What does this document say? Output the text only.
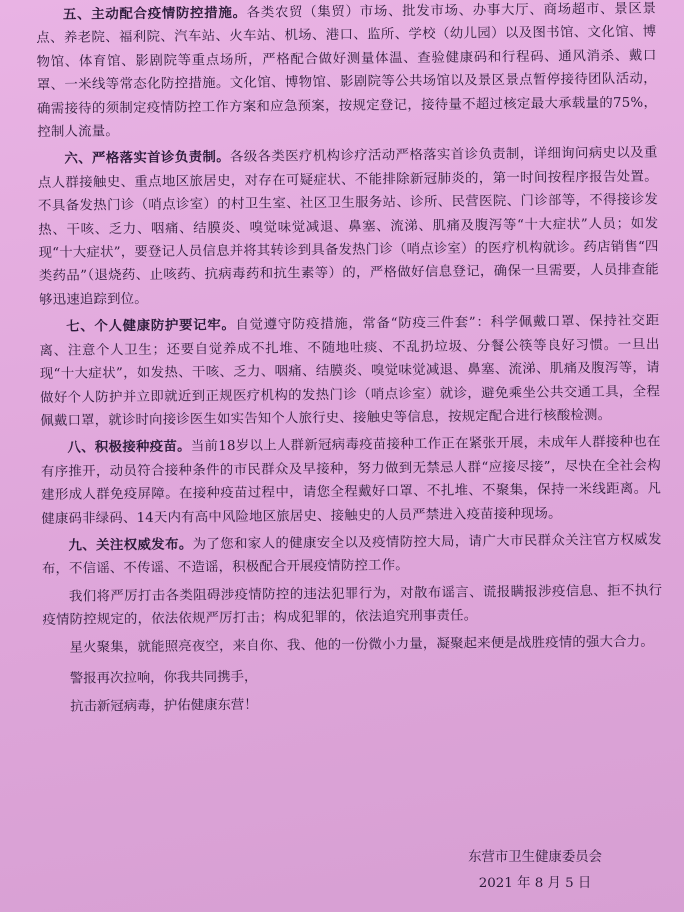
五、主动配合疫情防控措施。各类农贸（集贸）市场、批发市场、办事大厅、商场超市、景区景点、养老院、福利院、汽车站、火车站、机场、港口、监所、学校（幼儿园）以及图书馆、文化馆、博物馆、体育馆、影剧院等重点场所，严格配合做好测量体温、查验健康码和行程码、通风消杀、戴口罩、一米线等常态化防控措施。文化馆、博物馆、影剧院等公共场馆以及景区景点暂停接待团队活动，确需接待的须制定疫情防控工作方案和应急预案，按规定登记，接待量不超过核定最大承载量的75%，控制人流量。

六、严格落实首诊负责制。各级各类医疗机构诊疗活动严格落实首诊负责制，详细询问病史以及重点人群接触史、重点地区旅居史，对存在可疑症状、不能排除新冠肺炎的，第一时间按程序报告处置。不具备发热门诊（哨点诊室）的村卫生室、社区卫生服务站、诊所、民营医院、门诊部等，不得接诊发热、干咳、乏力、咽痛、结膜炎、嗅觉味觉减退、鼻塞、流涕、肌痛及腹泻等“十大症状”人员；如发现“十大症状”，要登记人员信息并将其转诊到具备发热门诊（哨点诊室）的医疗机构就诊。药店销售“四类药品”（退烧药、止咳药、抗病毒药和抗生素等）的，严格做好信息登记，确保一旦需要，人员排查能够迅速追踪到位。

七、个人健康防护要记牢。自觉遵守防疫措施，常备“防疫三件套”：科学佩戴口罩、保持社交距离、注意个人卫生；还要自觉养成不扎堆、不随地吐痰、不乱扔垃圾、分餐公筷等良好习惯。一旦出现“十大症状”，如发热、干咳、乏力、咽痛、结膜炎、嗅觉味觉减退、鼻塞、流涕、肌痛及腹泻等，请做好个人防护并立即就近到正规医疗机构的发热门诊（哨点诊室）就诊，避免乘坐公共交通工具，全程佩戴口罩，就诊时向接诊医生如实告知个人旅行史、接触史等信息，按规定配合进行核酸检测。

八、积极接种疫苗。当前18岁以上人群新冠病毒疫苗接种工作正在紧张开展，未成年人群接种也在有序推开，动员符合接种条件的市民群众及早接种，努力做到无禁忌人群“应接尽接”，尽快在全社会构建形成人群免疫屏障。在接种疫苗过程中，请您全程戴好口罩、不扎堆、不聚集，保持一米线距离。凡健康码非绿码、14天内有高中风险地区旅居史、接触史的人员严禁进入疫苗接种现场。

九、关注权威发布。为了您和家人的健康安全以及疫情防控大局，请广大市民群众关注官方权威发布，不信谣、不传谣、不造谣，积极配合开展疫情防控工作。

我们将严厉打击各类阻碍涉疫情防控的违法犯罪行为，对散布谣言、谎报瞒报涉疫信息、拒不执行疫情防控规定的，依法依规严厉打击；构成犯罪的，依法追究刑事责任。

星火聚集，就能照亮夜空，来自你、我、他的一份微小力量，凝聚起来便是战胜疫情的强大合力。

警报再次拉响，你我共同携手，

抗击新冠病毒，护佑健康东营！

东营市卫生健康委员会
2021 年 8 月 5 日
